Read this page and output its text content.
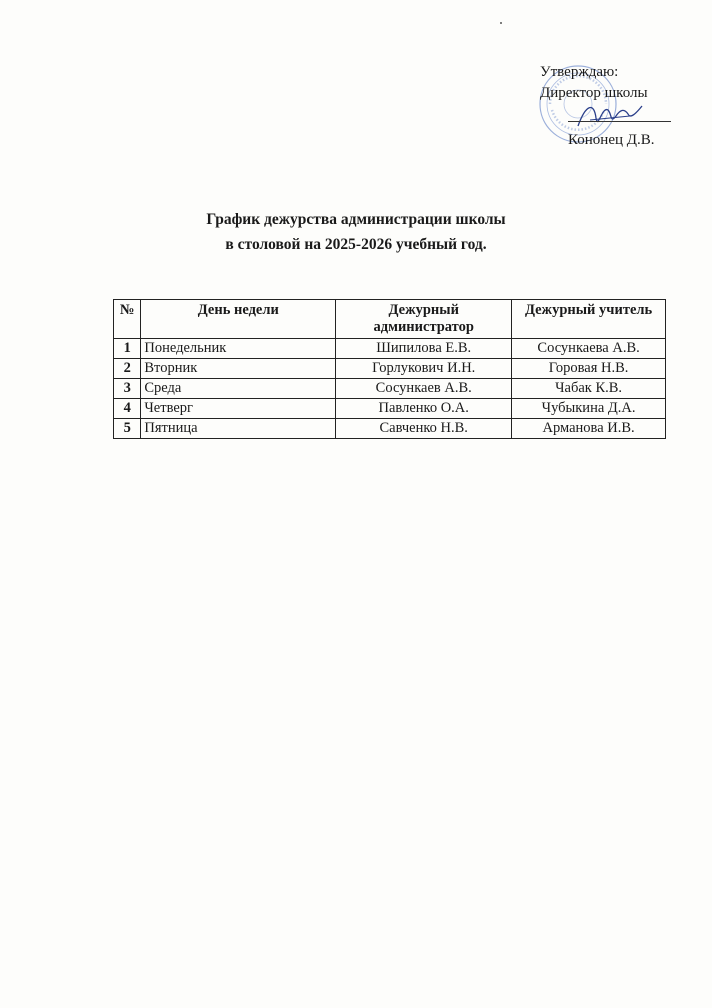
Утверждаю:
Директор школы
Кононец Д.В.
График дежурства администрации школы
в столовой на 2025-2026 учебный год.
№	День недели	Дежурный администратор	Дежурный учитель
1	Понедельник	Шипилова Е.В.	Сосункаева А.В.
2	Вторник	Горлукович И.Н.	Горовая Н.В.
3	Среда	Сосункаев А.В.	Чабак К.В.
4	Четверг	Павленко О.А.	Чубыкина Д.А.
5	Пятница	Савченко Н.В.	Арманова И.В.
